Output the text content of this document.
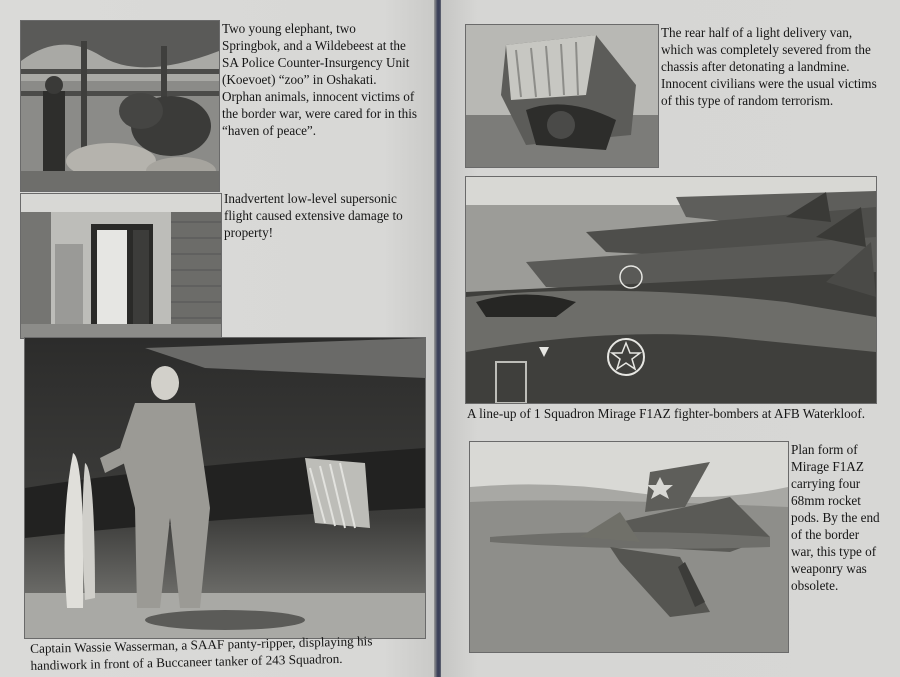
Two young elephant, two Springbok, and a Wildebeest at the SA Police Counter-Insurgency Unit (Koevoet) “zoo” in Oshakati. Orphan animals, innocent victims of the border war, were cared for in this “haven of peace”.
Inadvertent low-level supersonic flight caused extensive damage to property!
Captain Wassie Wasserman, a SAAF panty-ripper, displaying his handiwork in front of a Buccaneer tanker of 243 Squadron.
The rear half of a light delivery van, which was completely severed from the chassis after detonating a landmine. Innocent civilians were the usual victims of this type of random terrorism.
A line-up of 1 Squadron Mirage F1AZ fighter-bombers at AFB Waterkloof.
Plan form of Mirage F1AZ carrying four 68mm rocket pods. By the end of the border war, this type of weaponry was obsolete.
